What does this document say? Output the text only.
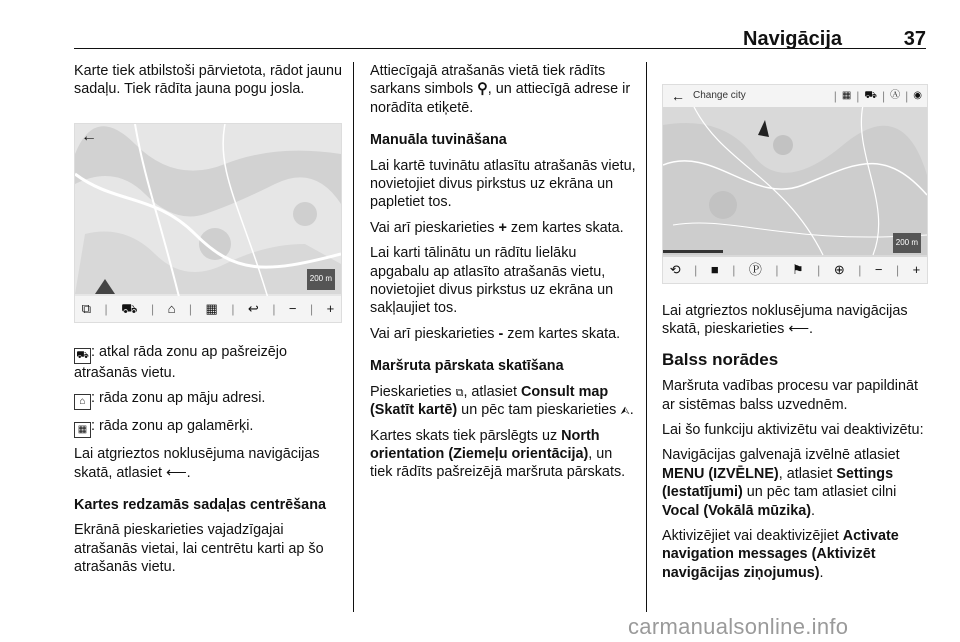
Navigācija	37

Karte tiek atbilstoši pārvietota, rādot jaunu sadaļu. Tiek rādīta jauna pogu josla.

←
200 m
⧉	|	⛟	|	⌂	|	▦	|	↩	|	−	|	+

⛟ : atkal rāda zonu ap pašreizējo atrašanās vietu.

⌂ : rāda zonu ap māju adresi.

▦ : rāda zonu ap galamērķi.

Lai atgrieztos noklusējuma navigācijas skatā, atlasiet ⟵.

Kartes redzamās sadaļas centrēšana

Ekrānā pieskarieties vajadzīgajai atrašanās vietai, lai centrētu karti ap šo atrašanās vietu.

Attiecīgajā atrašanās vietā tiek rādīts sarkans simbols ⚲, un attiecīgā adrese ir norādīta etiķetē.

Manuāla tuvināšana

Lai kartē tuvinātu atlasītu atrašanās vietu, novietojiet divus pirkstus uz ekrāna un papletiet tos.

Vai arī pieskarieties + zem kartes skata.

Lai karti tālinātu un rādītu lielāku apgabalu ap atlasīto atrašanās vietu, novietojiet divus pirkstus uz ekrāna un sakļaujiet tos.

Vai arī pieskarieties - zem kartes skata.

Maršruta pārskata skatīšana

Pieskarieties ⧉, atlasiet Consult map (Skatīt kartē) un pēc tam pieskarieties ⮙.

Kartes skats tiek pārslēgts uz North orientation (Ziemeļu orientācija), un tiek rādīts pašreizējā maršruta pārskats.

← Change city	| ▦ | ⛟ | Ⓐ | ◉
200 m
⟲	|	■	|	Ⓟ	|	⚑	|	⊕	|	−	|	+

Lai atgrieztos noklusējuma navigācijas skatā, pieskarieties ⟵.

Balss norādes

Maršruta vadības procesu var papildināt ar sistēmas balss uzvednēm.

Lai šo funkciju aktivizētu vai deaktivizētu:

Navigācijas galvenajā izvēlnē atlasiet MENU (IZVĒLNE), atlasiet Settings (Iestatījumi) un pēc tam atlasiet cilni Vocal (Vokālā mūzika).

Aktivizējiet vai deaktivizējiet Activate navigation messages (Aktivizēt navigācijas ziņojumus).

carmanualsonline.info
